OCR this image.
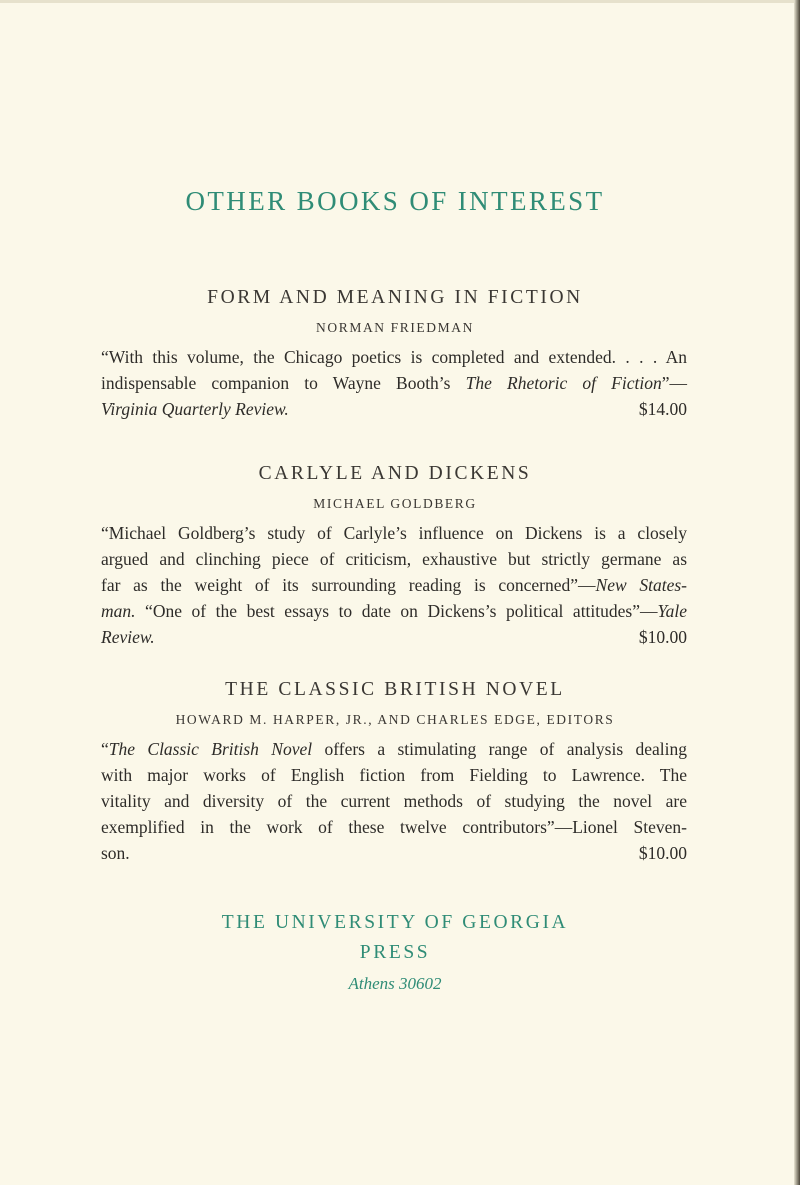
OTHER BOOKS OF INTEREST
FORM AND MEANING IN FICTION
NORMAN FRIEDMAN
“With this volume, the Chicago poetics is completed and extended. . . . An
indispensable companion to Wayne Booth’s The Rhetoric of Fiction”—
Virginia Quarterly Review.	$14.00
CARLYLE AND DICKENS
MICHAEL GOLDBERG
“Michael Goldberg’s study of Carlyle’s influence on Dickens is a closely
argued and clinching piece of criticism, exhaustive but strictly germane as
far as the weight of its surrounding reading is concerned”—New States-
man. “One of the best essays to date on Dickens’s political attitudes”—Yale
Review.	$10.00
THE CLASSIC BRITISH NOVEL
HOWARD M. HARPER, JR., AND CHARLES EDGE, EDITORS
“The Classic British Novel offers a stimulating range of analysis dealing
with major works of English fiction from Fielding to Lawrence. The
vitality and diversity of the current methods of studying the novel are
exemplified in the work of these twelve contributors”—Lionel Steven-
son.	$10.00
THE UNIVERSITY OF GEORGIA
PRESS
Athens 30602
